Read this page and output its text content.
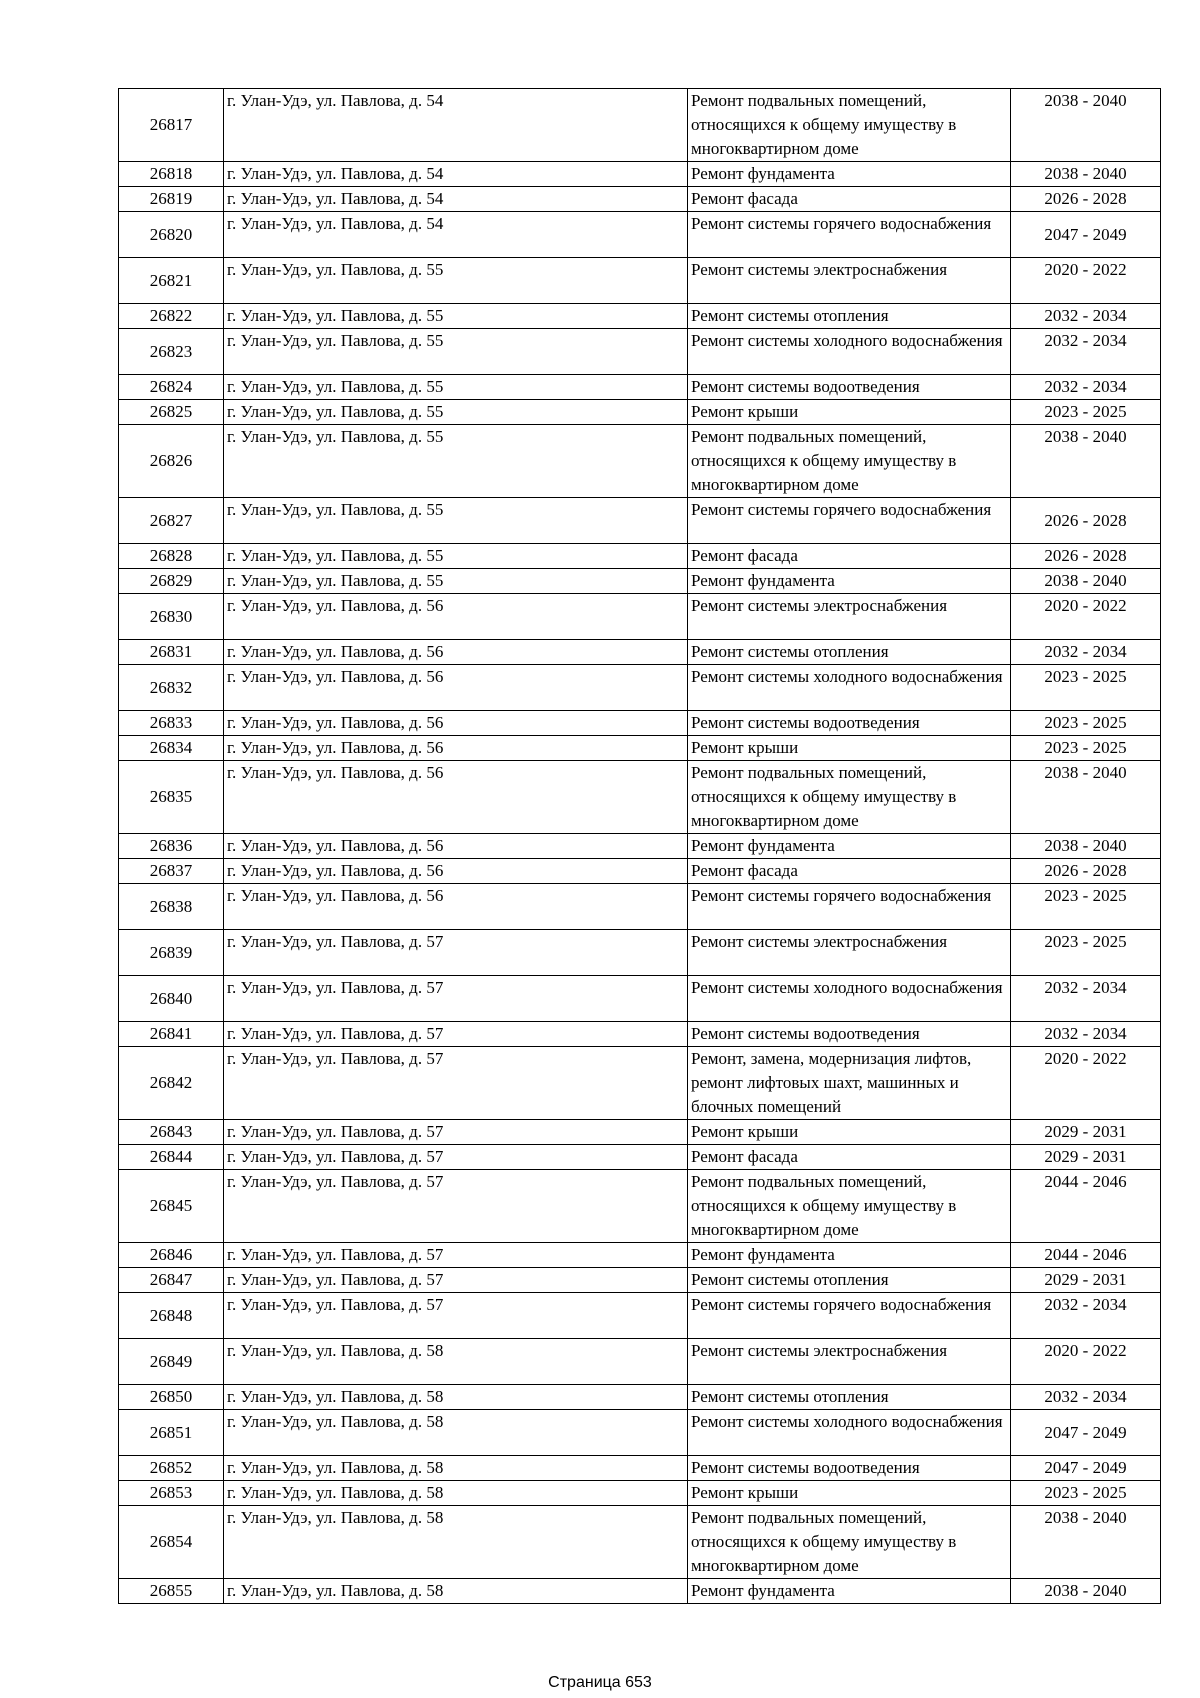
26817	г. Улан-Удэ, ул. Павлова, д. 54	Ремонт подвальных помещений, относящихся к общему имуществу в многоквартирном доме	2038 - 2040
26818	г. Улан-Удэ, ул. Павлова, д. 54	Ремонт фундамента	2038 - 2040
26819	г. Улан-Удэ, ул. Павлова, д. 54	Ремонт фасада	2026 - 2028
26820	г. Улан-Удэ, ул. Павлова, д. 54	Ремонт системы горячего водоснабжения	2047 - 2049
26821	г. Улан-Удэ, ул. Павлова, д. 55	Ремонт системы электроснабжения	2020 - 2022
26822	г. Улан-Удэ, ул. Павлова, д. 55	Ремонт системы отопления	2032 - 2034
26823	г. Улан-Удэ, ул. Павлова, д. 55	Ремонт системы холодного водоснабжения	2032 - 2034
26824	г. Улан-Удэ, ул. Павлова, д. 55	Ремонт системы водоотведения	2032 - 2034
26825	г. Улан-Удэ, ул. Павлова, д. 55	Ремонт крыши	2023 - 2025
26826	г. Улан-Удэ, ул. Павлова, д. 55	Ремонт подвальных помещений, относящихся к общему имуществу в многоквартирном доме	2038 - 2040
26827	г. Улан-Удэ, ул. Павлова, д. 55	Ремонт системы горячего водоснабжения	2026 - 2028
26828	г. Улан-Удэ, ул. Павлова, д. 55	Ремонт фасада	2026 - 2028
26829	г. Улан-Удэ, ул. Павлова, д. 55	Ремонт фундамента	2038 - 2040
26830	г. Улан-Удэ, ул. Павлова, д. 56	Ремонт системы электроснабжения	2020 - 2022
26831	г. Улан-Удэ, ул. Павлова, д. 56	Ремонт системы отопления	2032 - 2034
26832	г. Улан-Удэ, ул. Павлова, д. 56	Ремонт системы холодного водоснабжения	2023 - 2025
26833	г. Улан-Удэ, ул. Павлова, д. 56	Ремонт системы водоотведения	2023 - 2025
26834	г. Улан-Удэ, ул. Павлова, д. 56	Ремонт крыши	2023 - 2025
26835	г. Улан-Удэ, ул. Павлова, д. 56	Ремонт подвальных помещений, относящихся к общему имуществу в многоквартирном доме	2038 - 2040
26836	г. Улан-Удэ, ул. Павлова, д. 56	Ремонт фундамента	2038 - 2040
26837	г. Улан-Удэ, ул. Павлова, д. 56	Ремонт фасада	2026 - 2028
26838	г. Улан-Удэ, ул. Павлова, д. 56	Ремонт системы горячего водоснабжения	2023 - 2025
26839	г. Улан-Удэ, ул. Павлова, д. 57	Ремонт системы электроснабжения	2023 - 2025
26840	г. Улан-Удэ, ул. Павлова, д. 57	Ремонт системы холодного водоснабжения	2032 - 2034
26841	г. Улан-Удэ, ул. Павлова, д. 57	Ремонт системы водоотведения	2032 - 2034
26842	г. Улан-Удэ, ул. Павлова, д. 57	Ремонт, замена, модернизация лифтов, ремонт лифтовых шахт, машинных и блочных помещений	2020 - 2022
26843	г. Улан-Удэ, ул. Павлова, д. 57	Ремонт крыши	2029 - 2031
26844	г. Улан-Удэ, ул. Павлова, д. 57	Ремонт фасада	2029 - 2031
26845	г. Улан-Удэ, ул. Павлова, д. 57	Ремонт подвальных помещений, относящихся к общему имуществу в многоквартирном доме	2044 - 2046
26846	г. Улан-Удэ, ул. Павлова, д. 57	Ремонт фундамента	2044 - 2046
26847	г. Улан-Удэ, ул. Павлова, д. 57	Ремонт системы отопления	2029 - 2031
26848	г. Улан-Удэ, ул. Павлова, д. 57	Ремонт системы горячего водоснабжения	2032 - 2034
26849	г. Улан-Удэ, ул. Павлова, д. 58	Ремонт системы электроснабжения	2020 - 2022
26850	г. Улан-Удэ, ул. Павлова, д. 58	Ремонт системы отопления	2032 - 2034
26851	г. Улан-Удэ, ул. Павлова, д. 58	Ремонт системы холодного водоснабжения	2047 - 2049
26852	г. Улан-Удэ, ул. Павлова, д. 58	Ремонт системы водоотведения	2047 - 2049
26853	г. Улан-Удэ, ул. Павлова, д. 58	Ремонт крыши	2023 - 2025
26854	г. Улан-Удэ, ул. Павлова, д. 58	Ремонт подвальных помещений, относящихся к общему имуществу в многоквартирном доме	2038 - 2040
26855	г. Улан-Удэ, ул. Павлова, д. 58	Ремонт фундамента	2038 - 2040
Страница 653
